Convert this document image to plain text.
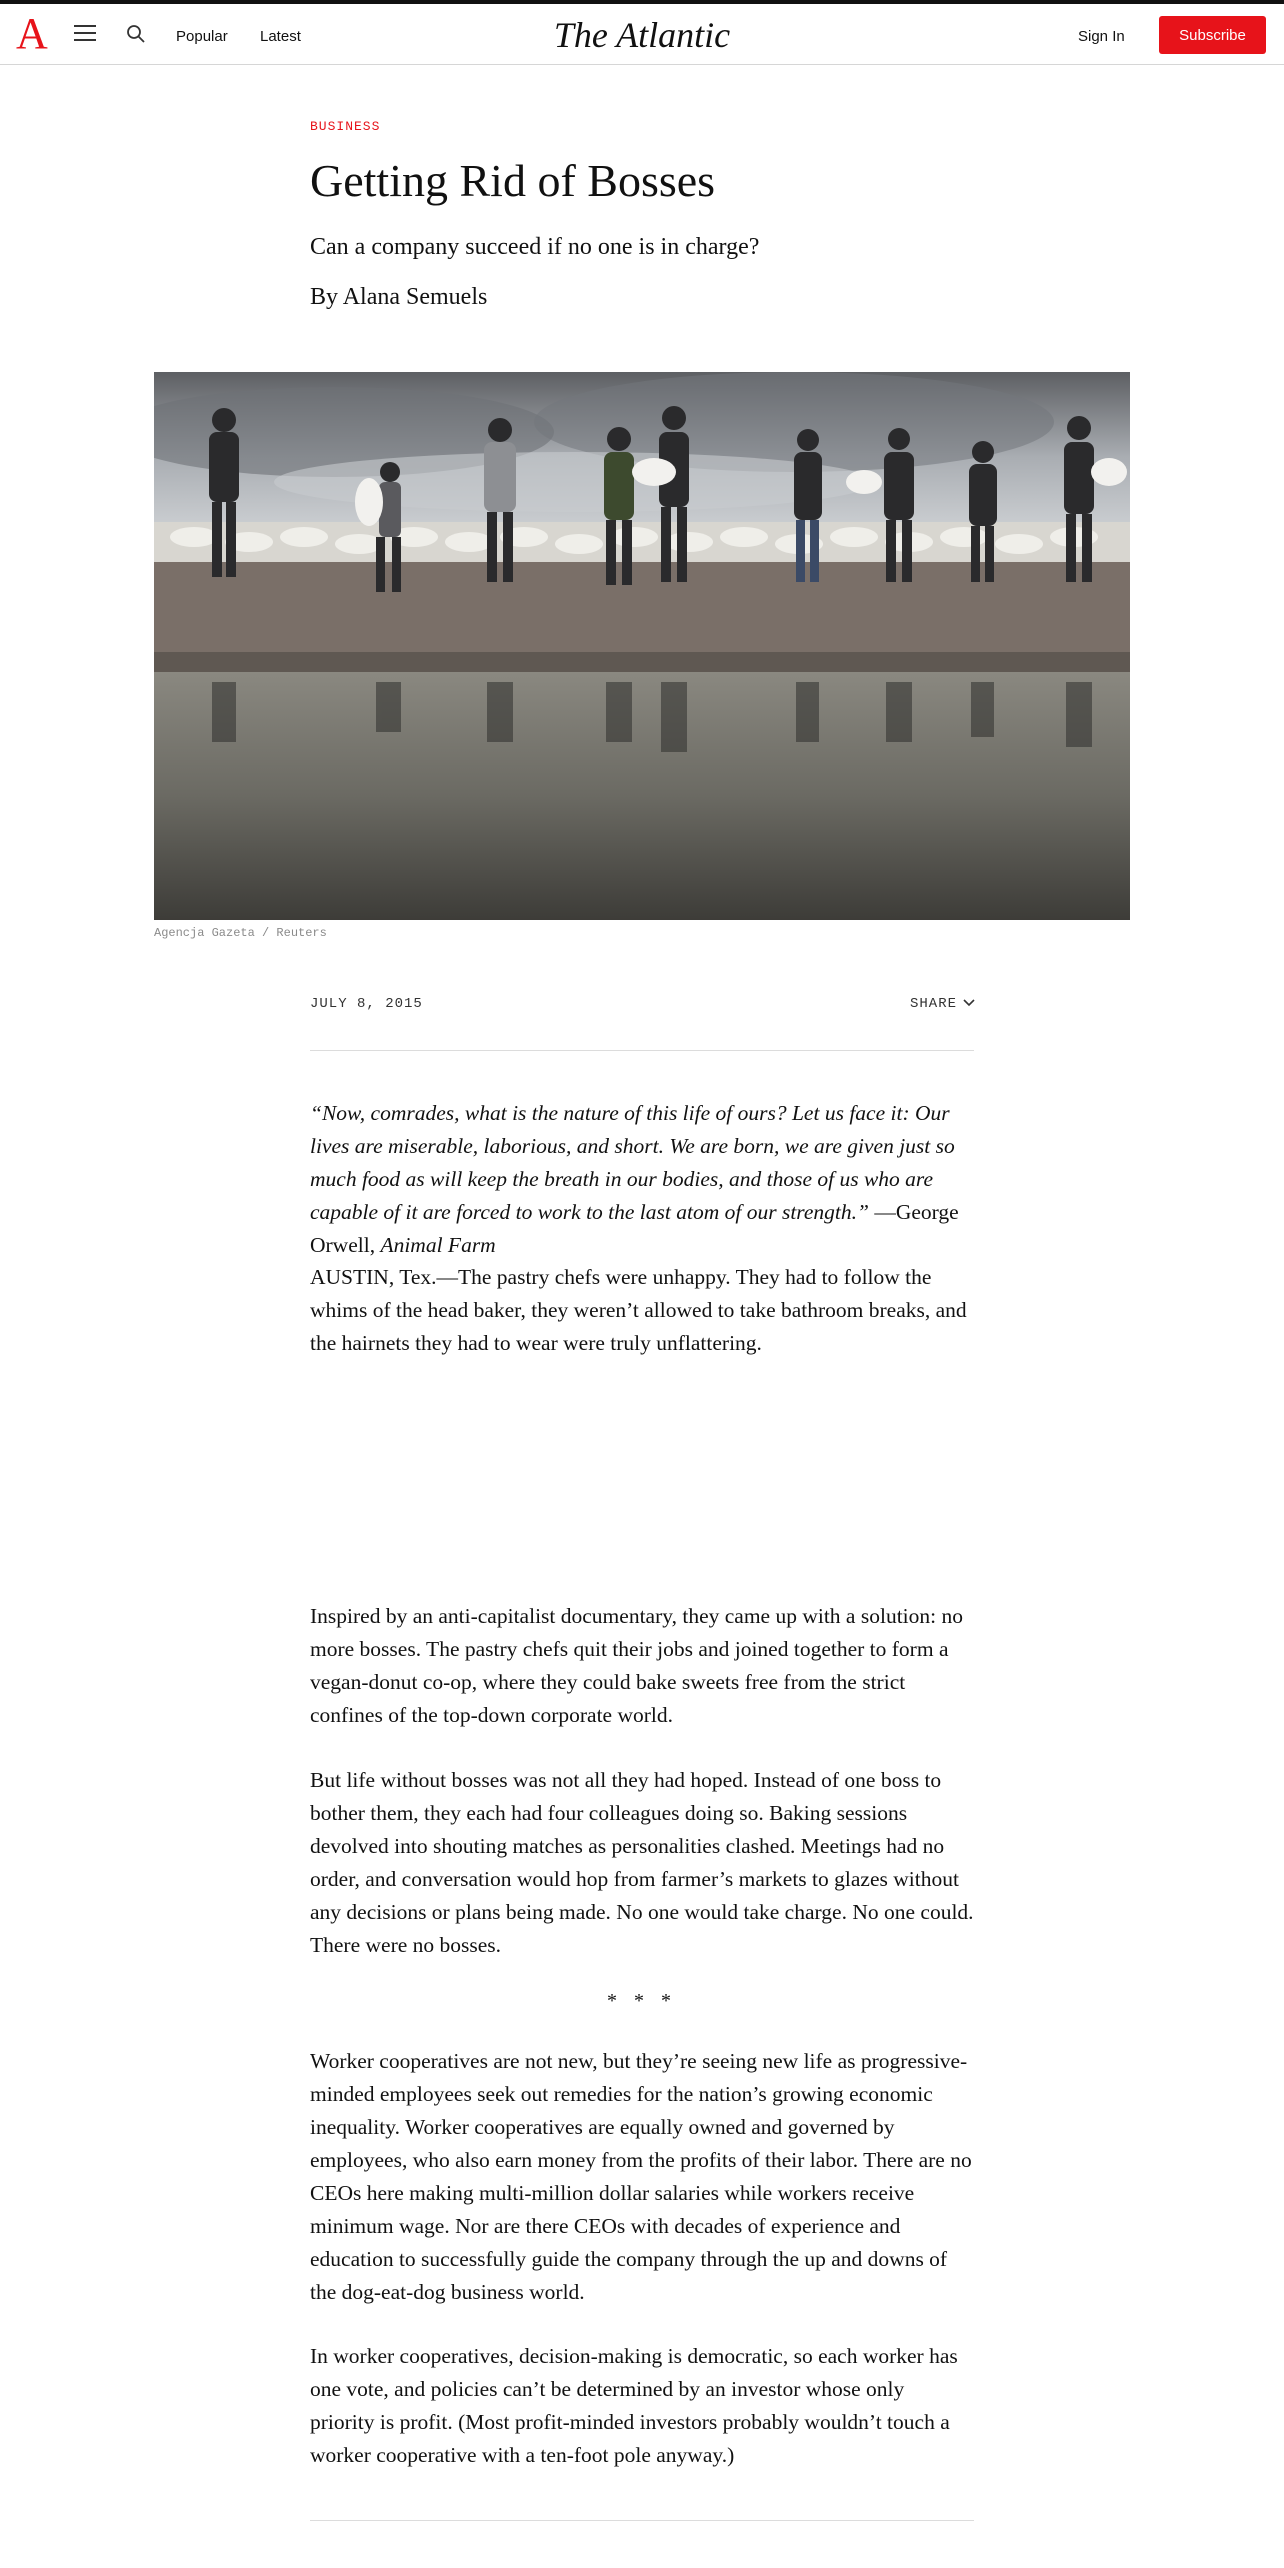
A	Popular Latest	The Atlantic	Sign In	Subscribe
BUSINESS
Getting Rid of Bosses

Can a company succeed if no one is in charge?

By Alana Semuels
Agencja Gazeta / Reuters
JULY 8, 2015	SHARE

“Now, comrades, what is the nature of this life of ours? Let us face it: Our lives are miserable, laborious, and short. We are born, we are given just so much food as will keep the breath in our bodies, and those of us who are capable of it are forced to work to the last atom of our strength.” —George Orwell, Animal Farm

AUSTIN, Tex.—The pastry chefs were unhappy. They had to follow the whims of the head baker, they weren’t allowed to take bathroom breaks, and the hairnets they had to wear were truly unflattering.

Inspired by an anti-capitalist documentary, they came up with a solution: no more bosses. The pastry chefs quit their jobs and joined together to form a vegan-donut co-op, where they could bake sweets free from the strict confines of the top-down corporate world.

But life without bosses was not all they had hoped. Instead of one boss to bother them, they each had four colleagues doing so. Baking sessions devolved into shouting matches as personalities clashed. Meetings had no order, and conversation would hop from farmer’s markets to glazes without any decisions or plans being made. No one would take charge. No one could. There were no bosses.

* * *

Worker cooperatives are not new, but they’re seeing new life as progressive-minded employees seek out remedies for the nation’s growing economic inequality. Worker cooperatives are equally owned and governed by employees, who also earn money from the profits of their labor. There are no CEOs here making multi-million dollar salaries while workers receive minimum wage. Nor are there CEOs with decades of experience and education to successfully guide the company through the up and downs of the dog-eat-dog business world.

In worker cooperatives, decision-making is democratic, so each worker has one vote, and policies can’t be determined by an investor whose only priority is profit. (Most profit-minded investors probably wouldn’t touch a worker cooperative with a ten-foot pole anyway.)
